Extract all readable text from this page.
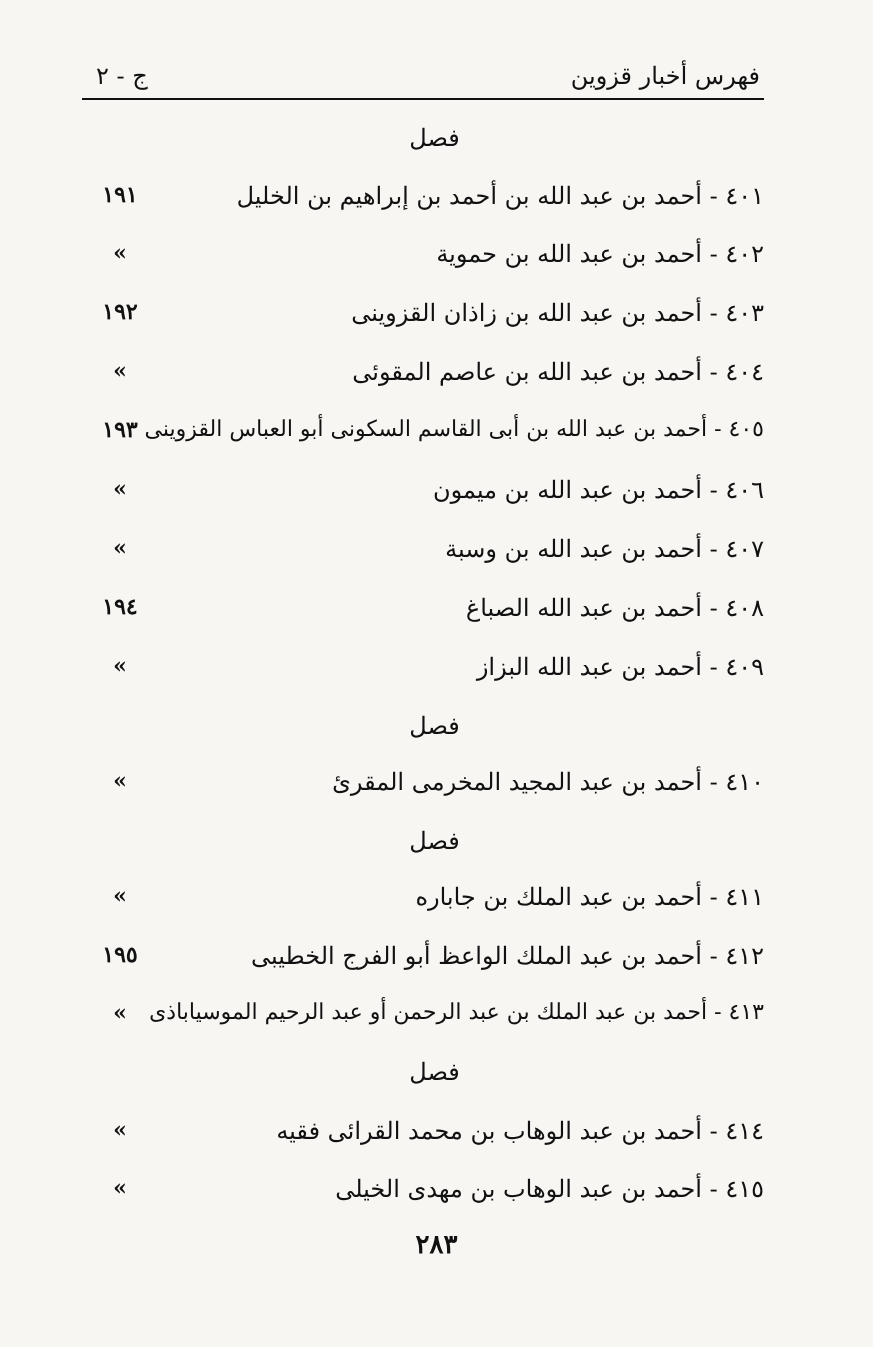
فهرس أخبار قزوين
ج - ٢
فصل
٤٠١ - أحمد بن عبد الله بن أحمد بن إبراهيم بن الخليل
١٩١
٤٠٢ - أحمد بن عبد الله بن حموية
»
٤٠٣ - أحمد بن عبد الله بن زاذان القزوينى
١٩٢
٤٠٤ - أحمد بن عبد الله بن عاصم المقوئى
»
٤٠٥ - أحمد بن عبد الله بن أبى القاسم السكونى أبو العباس القزوينى
١٩٣
٤٠٦ - أحمد بن عبد الله بن ميمون
»
٤٠٧ - أحمد بن عبد الله بن وسبة
»
٤٠٨ - أحمد بن عبد الله الصباغ
١٩٤
٤٠٩ - أحمد بن عبد الله البزاز
»
فصل
٤١٠ - أحمد بن عبد المجيد المخرمى المقرئ
»
فصل
٤١١ - أحمد بن عبد الملك بن جاباره
»
٤١٢ - أحمد بن عبد الملك الواعظ أبو الفرج الخطيبى
١٩٥
٤١٣ - أحمد بن عبد الملك بن عبد الرحمن أو عبد الرحيم الموسياباذى
»
فصل
٤١٤ - أحمد بن عبد الوهاب بن محمد القرائى فقيه
»
٤١٥ - أحمد بن عبد الوهاب بن مهدى الخيلى
»
٢٨٣
